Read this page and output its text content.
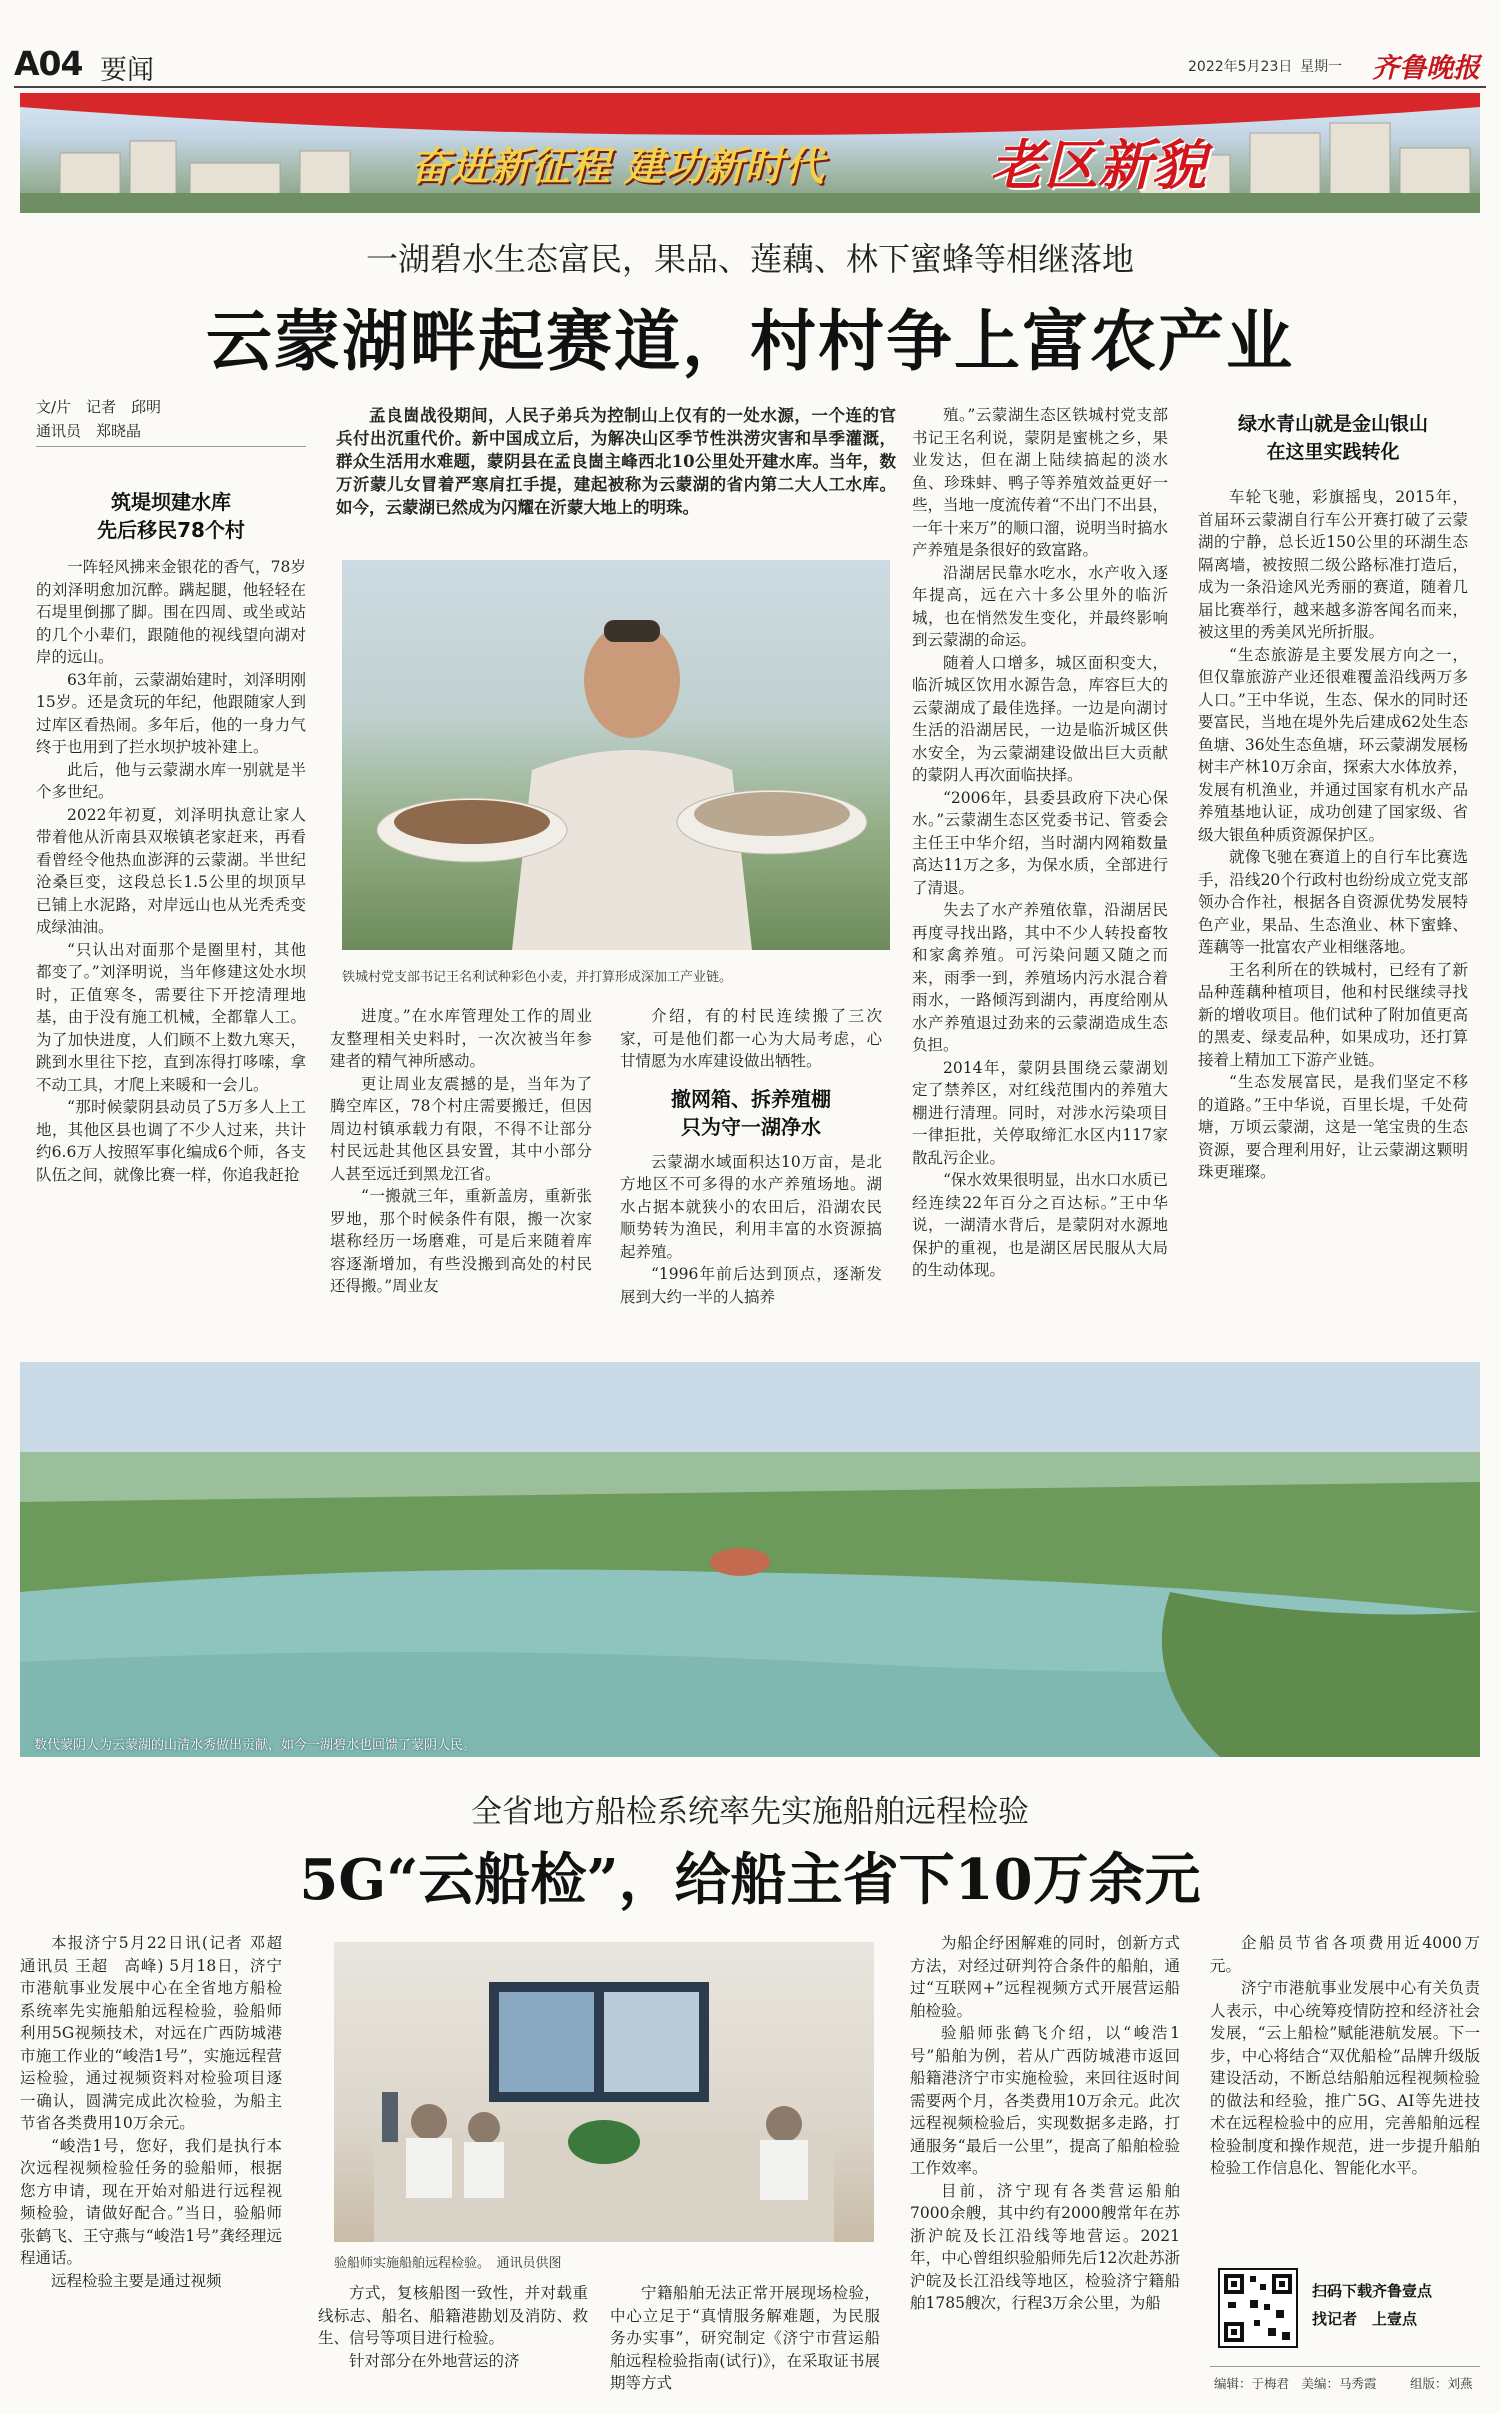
A04 要闻	2022年5月23日 星期一 齐鲁晚报
奋进新征程 建功新时代	老区新貌
一湖碧水生态富民，果品、莲藕、林下蜜蜂等相继落地
云蒙湖畔起赛道，村村争上富农产业
文/片　记者　邱明
通讯员　郑晓晶
孟良崮战役期间，人民子弟兵为控制山上仅有的一处水源，一个连的官兵付出沉重代价。新中国成立后，为解决山区季节性洪涝灾害和旱季灌溉，群众生活用水难题，蒙阴县在孟良崮主峰西北10公里处开建水库。当年，数万沂蒙儿女冒着严寒肩扛手提，建起被称为云蒙湖的省内第二大人工水库。如今，云蒙湖已然成为闪耀在沂蒙大地上的明珠。
筑堤坝建水库
先后移民78个村

一阵轻风拂来金银花的香气，78岁的刘泽明愈加沉醉。蹒起腿，他轻轻在石堤里倒挪了脚。围在四周、或坐或站的几个小辈们，跟随他的视线望向湖对岸的远山。

63年前，云蒙湖始建时，刘泽明刚15岁。还是贪玩的年纪，他跟随家人到过库区看热闹。多年后，他的一身力气终于也用到了拦水坝护坡补建上。

此后，他与云蒙湖水库一别就是半个多世纪。

2022年初夏，刘泽明执意让家人带着他从沂南县双堠镇老家赶来，再看看曾经令他热血澎湃的云蒙湖。半世纪沧桑巨变，这段总长1.5公里的坝顶早已铺上水泥路，对岸远山也从光秃秃变成绿油油。

“只认出对面那个是圈里村，其他都变了。”刘泽明说，当年修建这处水坝时，正值寒冬，需要往下开挖清理地基，由于没有施工机械，全都靠人工。为了加快进度，人们顾不上数九寒天，跳到水里往下挖，直到冻得打哆嗦，拿不动工具，才爬上来暖和一会儿。

“那时候蒙阴县动员了5万多人上工地，其他区县也调了不少人过来，共计约6.6万人按照军事化编成6个师，各支队伍之间，就像比赛一样，你追我赶抢

铁城村党支部书记王名利试种彩色小麦，并打算形成深加工产业链。

进度。”在水库管理处工作的周业友整理相关史料时，一次次被当年参建者的精气神所感动。

更让周业友震撼的是，当年为了腾空库区，78个村庄需要搬迁，但因周边村镇承载力有限，不得不让部分村民远赴其他区县安置，其中小部分人甚至远迁到黑龙江省。

“一搬就三年，重新盖房，重新张罗地，那个时候条件有限，搬一次家堪称经历一场磨难，可是后来随着库容逐渐增加，有些没搬到高处的村民还得搬。”周业友

介绍，有的村民连续搬了三次家，可是他们都一心为大局考虑，心甘情愿为水库建设做出牺牲。

撤网箱、拆养殖棚
只为守一湖净水

云蒙湖水域面积达10万亩，是北方地区不可多得的水产养殖场地。湖水占据本就狭小的农田后，沿湖农民顺势转为渔民，利用丰富的水资源搞起养殖。

“1996年前后达到顶点，逐渐发展到大约一半的人搞养

殖。”云蒙湖生态区铁城村党支部书记王名利说，蒙阴是蜜桃之乡，果业发达，但在湖上陆续搞起的淡水鱼、珍珠蚌、鸭子等养殖效益更好一些，当地一度流传着“不出门不出县，一年十来万”的顺口溜，说明当时搞水产养殖是条很好的致富路。

沿湖居民靠水吃水，水产收入逐年提高，远在六十多公里外的临沂城，也在悄然发生变化，并最终影响到云蒙湖的命运。

随着人口增多，城区面积变大，临沂城区饮用水源告急，库容巨大的云蒙湖成了最佳选择。一边是向湖讨生活的沿湖居民，一边是临沂城区供水安全，为云蒙湖建设做出巨大贡献的蒙阴人再次面临抉择。

“2006年，县委县政府下决心保水。”云蒙湖生态区党委书记、管委会主任王中华介绍，当时湖内网箱数量高达11万之多，为保水质，全部进行了清退。

失去了水产养殖依靠，沿湖居民再度寻找出路，其中不少人转投畜牧和家禽养殖。可污染问题又随之而来，雨季一到，养殖场内污水混合着雨水，一路倾泻到湖内，再度给刚从水产养殖退过劲来的云蒙湖造成生态负担。

2014年，蒙阴县围绕云蒙湖划定了禁养区，对红线范围内的养殖大棚进行清理。同时，对涉水污染项目一律拒批，关停取缔汇水区内117家散乱污企业。

“保水效果很明显，出水口水质已经连续22年百分之百达标。”王中华说，一湖清水背后，是蒙阴对水源地保护的重视，也是湖区居民服从大局的生动体现。

绿水青山就是金山银山
在这里实践转化

车轮飞驰，彩旗摇曳，2015年，首届环云蒙湖自行车公开赛打破了云蒙湖的宁静，总长近150公里的环湖生态隔离墙，被按照二级公路标准打造后，成为一条沿途风光秀丽的赛道，随着几届比赛举行，越来越多游客闻名而来，被这里的秀美风光所折服。

“生态旅游是主要发展方向之一，但仅靠旅游产业还很难覆盖沿线两万多人口。”王中华说，生态、保水的同时还要富民，当地在堤外先后建成62处生态鱼塘、36处生态鱼塘，环云蒙湖发展杨树丰产林10万余亩，探索大水体放养，发展有机渔业，并通过国家有机水产品养殖基地认证，成功创建了国家级、省级大银鱼种质资源保护区。

就像飞驰在赛道上的自行车比赛选手，沿线20个行政村也纷纷成立党支部领办合作社，根据各自资源优势发展特色产业，果品、生态渔业、林下蜜蜂、莲藕等一批富农产业相继落地。

王名利所在的铁城村，已经有了新品种莲藕种植项目，他和村民继续寻找新的增收项目。他们试种了附加值更高的黑麦、绿麦品种，如果成功，还打算接着上精加工下游产业链。

“生态发展富民，是我们坚定不移的道路。”王中华说，百里长堤，千处荷塘，万顷云蒙湖，这是一笔宝贵的生态资源，要合理利用好，让云蒙湖这颗明珠更璀璨。

数代蒙阴人为云蒙湖的山清水秀做出贡献，如今一湖碧水也回馈了蒙阴人民。
全省地方船检系统率先实施船舶远程检验
5G“云船检”，给船主省下10万余元

本报济宁5月22日讯(记者 邓超　通讯员 王超　高峰) 5月18日，济宁市港航事业发展中心在全省地方船检系统率先实施船舶远程检验，验船师利用5G视频技术，对远在广西防城港市施工作业的“峻浩1号”，实施远程营运检验，通过视频资料对检验项目逐一确认，圆满完成此次检验，为船主节省各类费用10万余元。

“峻浩1号，您好，我们是执行本次远程视频检验任务的验船师，根据您方申请，现在开始对船进行远程视频检验，请做好配合。”当日，验船师张鹤飞、王守燕与“峻浩1号”龚经理远程通话。

远程检验主要是通过视频

验船师实施船舶远程检验。　通讯员供图

方式，复核船图一致性，并对载重线标志、船名、船籍港勘划及消防、救生、信号等项目进行检验。

针对部分在外地营运的济

宁籍船舶无法正常开展现场检验，中心立足于“真情服务解难题，为民服务办实事”，研究制定《济宁市营运船舶远程检验指南(试行)》，在采取证书展期等方式

为船企纾困解难的同时，创新方式方法，对经过研判符合条件的船舶，通过“互联网+”远程视频方式开展营运船舶检验。

验船师张鹤飞介绍，以“峻浩1号”船舶为例，若从广西防城港市返回船籍港济宁市实施检验，来回往返时间需要两个月，各类费用10万余元。此次远程视频检验后，实现数据多走路，打通服务“最后一公里”，提高了船舶检验工作效率。

目前，济宁现有各类营运船舶7000余艘，其中约有2000艘常年在苏浙沪皖及长江沿线等地营运。2021年，中心曾组织验船师先后12次赴苏浙沪皖及长江沿线等地区，检验济宁籍船舶1785艘次，行程3万余公里，为船

企船员节省各项费用近4000万元。

济宁市港航事业发展中心有关负责人表示，中心统筹疫情防控和经济社会发展，“云上船检”赋能港航发展。下一步，中心将结合“双优船检”品牌升级版建设活动，不断总结船舶远程视频检验的做法和经验，推广5G、AI等先进技术在远程检验中的应用，完善船舶远程检验制度和操作规范，进一步提升船舶检验工作信息化、智能化水平。

扫码下载齐鲁壹点
找记者　上壹点
编辑：于梅君　美编：马秀霞	组版：刘燕
